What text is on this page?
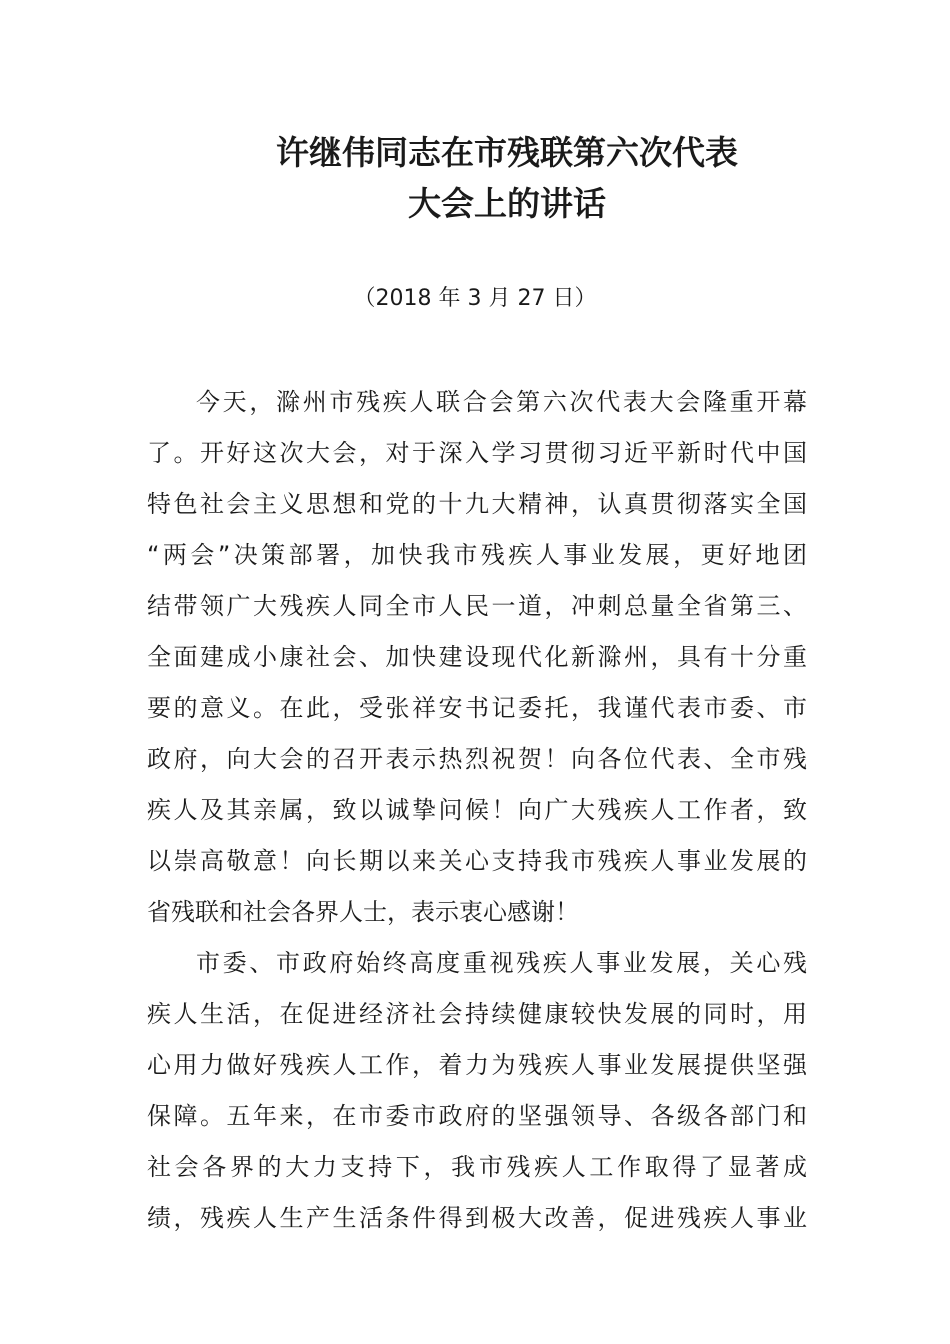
许继伟同志在市残联第六次代表
大会上的讲话
（2018 年 3 月 27 日）
今天，滁州市残疾人联合会第六次代表大会隆重开幕
了。开好这次大会，对于深入学习贯彻习近平新时代中国
特色社会主义思想和党的十九大精神，认真贯彻落实全国
“两会”决策部署，加快我市残疾人事业发展，更好地团
结带领广大残疾人同全市人民一道，冲刺总量全省第三、
全面建成小康社会、加快建设现代化新滁州，具有十分重
要的意义。在此，受张祥安书记委托，我谨代表市委、市
政府，向大会的召开表示热烈祝贺！向各位代表、全市残
疾人及其亲属，致以诚挚问候！向广大残疾人工作者，致
以崇高敬意！向长期以来关心支持我市残疾人事业发展的
省残联和社会各界人士，表示衷心感谢！
市委、市政府始终高度重视残疾人事业发展，关心残
疾人生活，在促进经济社会持续健康较快发展的同时，用
心用力做好残疾人工作，着力为残疾人事业发展提供坚强
保障。五年来，在市委市政府的坚强领导、各级各部门和
社会各界的大力支持下，我市残疾人工作取得了显著成
绩，残疾人生产生活条件得到极大改善，促进残疾人事业
